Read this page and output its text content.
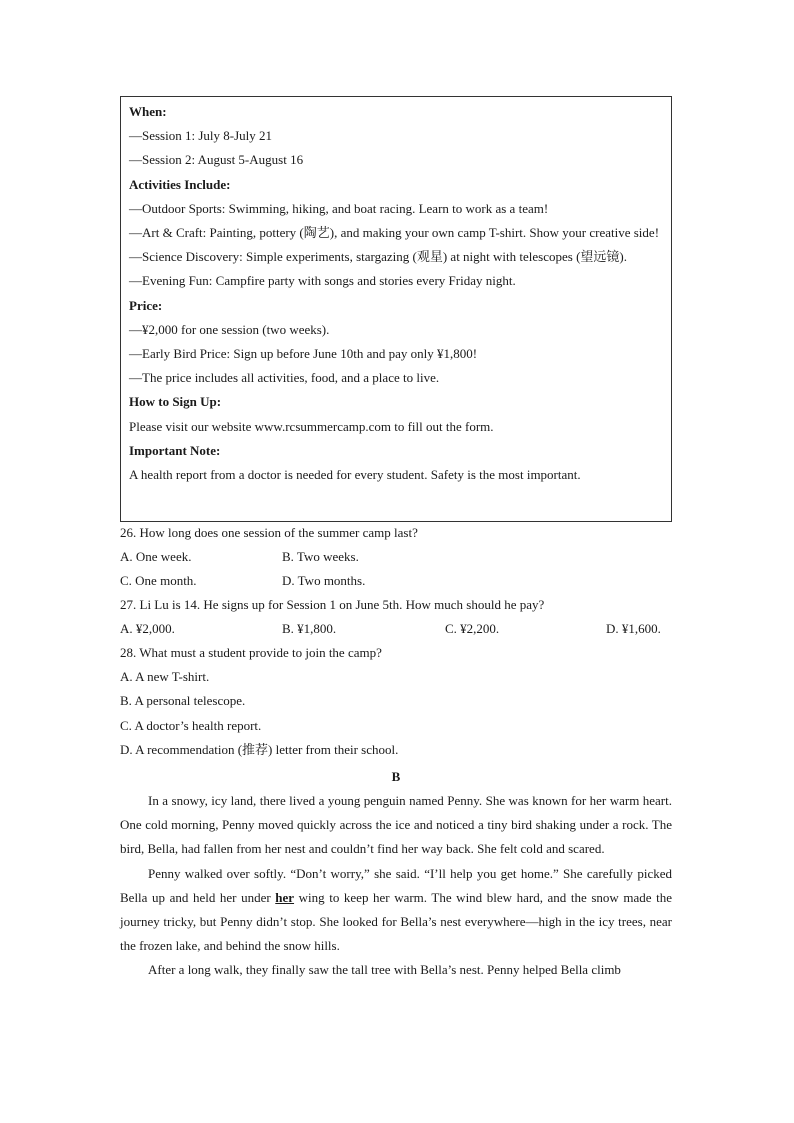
When:
—Session 1: July 8-July 21
—Session 2: August 5-August 16
Activities Include:
—Outdoor Sports: Swimming, hiking, and boat racing. Learn to work as a team!
—Art & Craft: Painting, pottery (陶艺), and making your own camp T-shirt. Show your creative side!
—Science Discovery: Simple experiments, stargazing (观星) at night with telescopes (望远镜).
—Evening Fun: Campfire party with songs and stories every Friday night.
Price:
—¥2,000 for one session (two weeks).
—Early Bird Price: Sign up before June 10th and pay only ¥1,800!
—The price includes all activities, food, and a place to live.
How to Sign Up:
Please visit our website www.rcsummercamp.com to fill out the form.
Important Note:
A health report from a doctor is needed for every student. Safety is the most important.
26. How long does one session of the summer camp last?
A. One week.	B. Two weeks.
C. One month.	D. Two months.
27. Li Lu is 14. He signs up for Session 1 on June 5th. How much should he pay?
A. ¥2,000.	B. ¥1,800.	C. ¥2,200.	D. ¥1,600.
28. What must a student provide to join the camp?
A. A new T-shirt.
B. A personal telescope.
C. A doctor’s health report.
D. A recommendation (推荐) letter from their school.
B

In a snowy, icy land, there lived a young penguin named Penny. She was known for her warm heart. One cold morning, Penny moved quickly across the ice and noticed a tiny bird shaking under a rock. The bird, Bella, had fallen from her nest and couldn’t find her way back. She felt cold and scared.

Penny walked over softly. “Don’t worry,” she said. “I’ll help you get home.” She carefully picked Bella up and held her under her wing to keep her warm. The wind blew hard, and the snow made the journey tricky, but Penny didn’t stop. She looked for Bella’s nest everywhere—high in the icy trees, near the frozen lake, and behind the snow hills.

After a long walk, they finally saw the tall tree with Bella’s nest. Penny helped Bella climb
